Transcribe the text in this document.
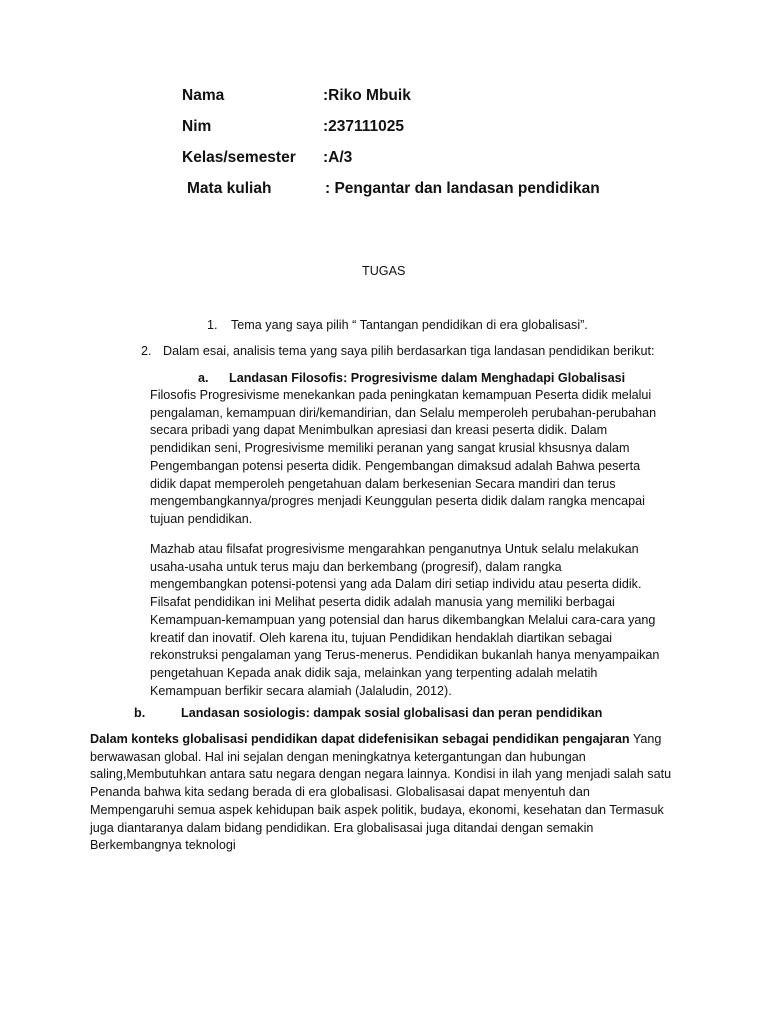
Nama	:Riko Mbuik
Nim	:237111025
Kelas/semester :A/3
Mata kuliah	: Pengantar dan landasan pendidikan
TUGAS
1. Tema yang saya pilih “ Tantangan pendidikan di era globalisasi”.
2. Dalam esai, analisis tema yang saya pilih berdasarkan tiga landasan pendidikan berikut:
a. Landasan Filosofis: Progresivisme dalam Menghadapi Globalisasi

Filosofis Progresivisme menekankan pada peningkatan kemampuan Peserta didik melalui pengalaman, kemampuan diri/kemandirian, dan Selalu memperoleh perubahan-perubahan secara pribadi yang dapat Menimbulkan apresiasi dan kreasi peserta didik. Dalam pendidikan seni, Progresivisme memiliki peranan yang sangat krusial khsusnya dalam Pengembangan potensi peserta didik. Pengembangan dimaksud adalah Bahwa peserta didik dapat memperoleh pengetahuan dalam berkesenian Secara mandiri dan terus mengembangkannya/progres menjadi Keunggulan peserta didik dalam rangka mencapai tujuan pendidikan.

Mazhab atau filsafat progresivisme mengarahkan penganutnya Untuk selalu melakukan usaha-usaha untuk terus maju dan berkembang (progresif), dalam rangka mengembangkan potensi-potensi yang ada Dalam diri setiap individu atau peserta didik. Filsafat pendidikan ini Melihat peserta didik adalah manusia yang memiliki berbagai Kemampuan-kemampuan yang potensial dan harus dikembangkan Melalui cara-cara yang kreatif dan inovatif. Oleh karena itu, tujuan Pendidikan hendaklah diartikan sebagai rekonstruksi pengalaman yang Terus-menerus. Pendidikan bukanlah hanya menyampaikan pengetahuan Kepada anak didik saja, melainkan yang terpenting adalah melatih Kemampuan berfikir secara alamiah (Jalaludin, 2012).

b.	Landasan sosiologis: dampak sosial globalisasi dan peran pendidikan

Dalam konteks globalisasi pendidikan dapat didefenisikan sebagai pendidikan pengajaran Yang berwawasan global. Hal ini sejalan dengan meningkatnya ketergantungan dan hubungan saling,Membutuhkan antara satu negara dengan negara lainnya. Kondisi in ilah yang menjadi salah satu Penanda bahwa kita sedang berada di era globalisasi. Globalisasai dapat menyentuh dan Mempengaruhi semua aspek kehidupan baik aspek politik, budaya, ekonomi, kesehatan dan Termasuk juga diantaranya dalam bidang pendidikan. Era globalisasai juga ditandai dengan semakin Berkembangnya teknologi
